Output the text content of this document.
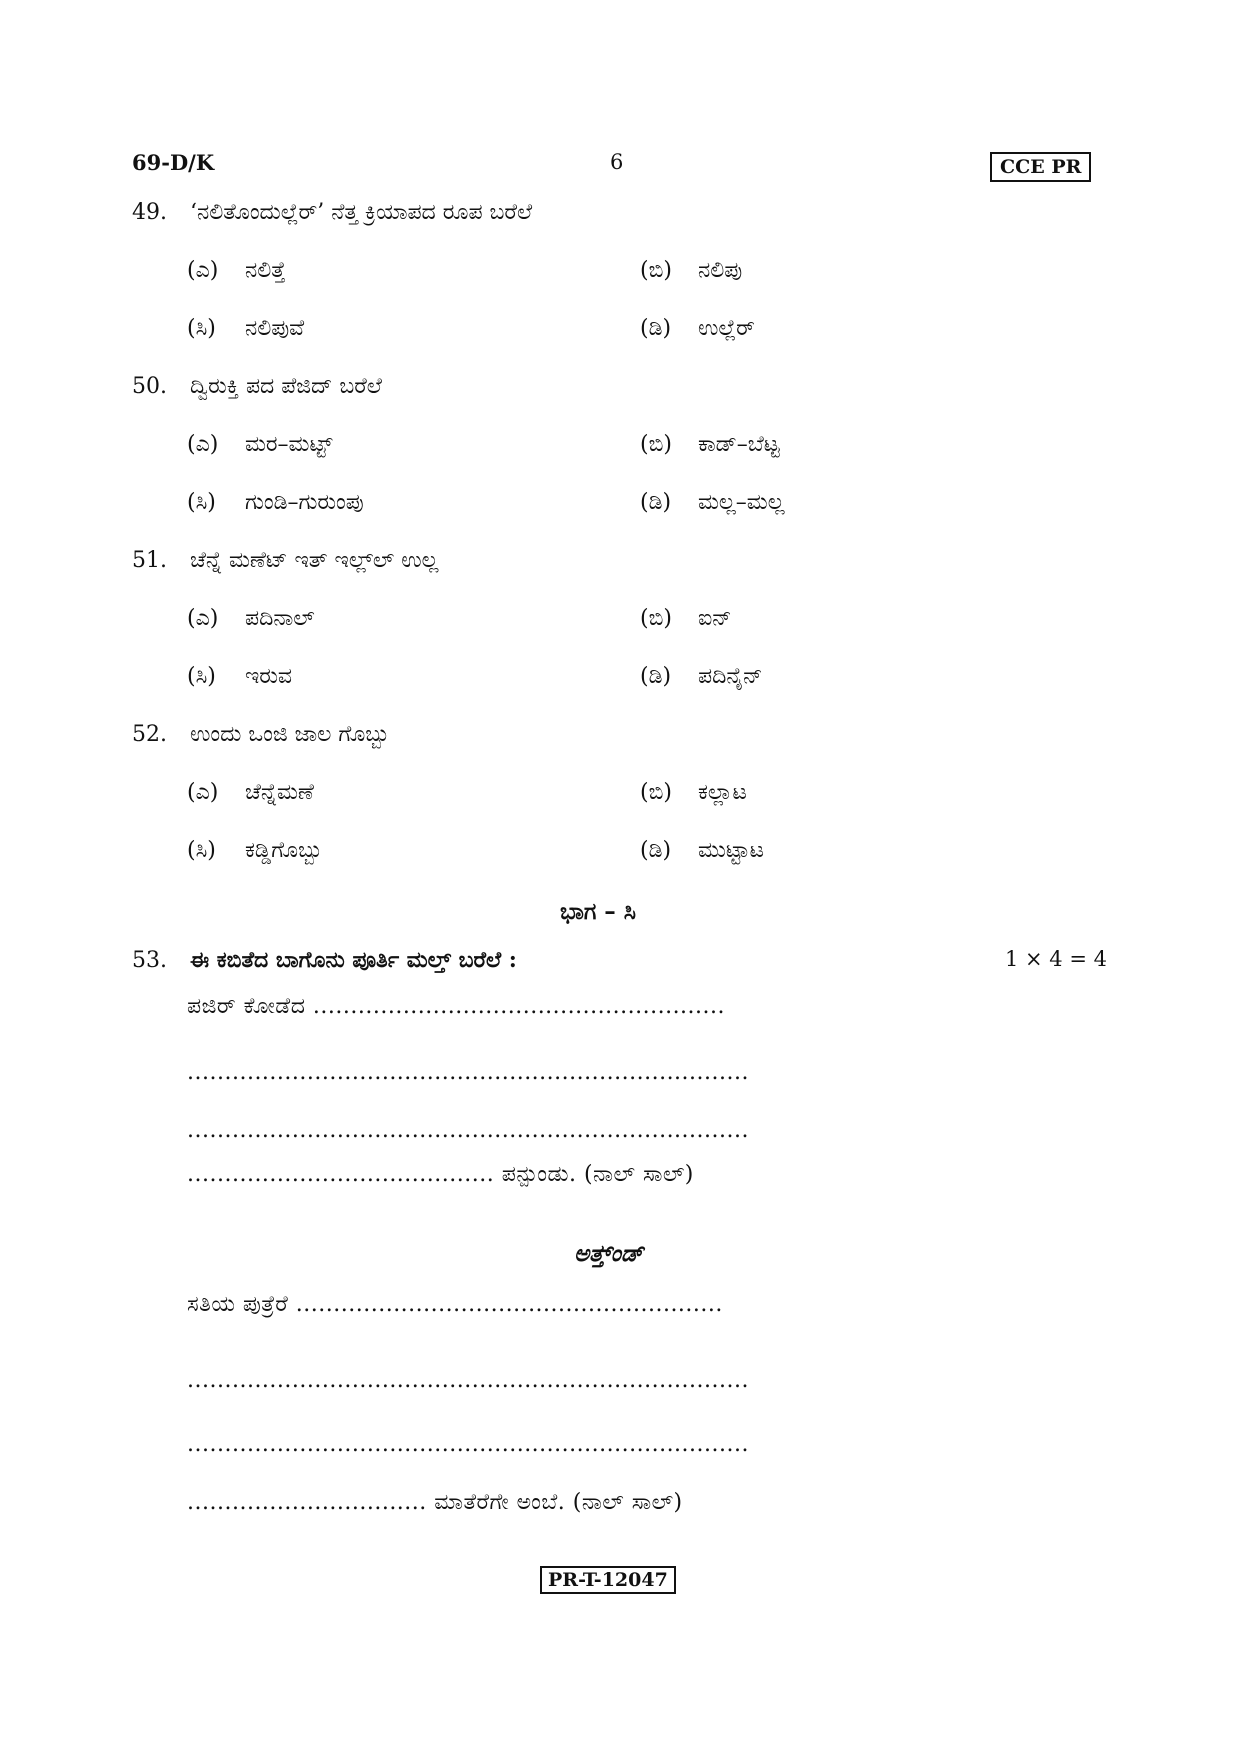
69-D/K	6	CCE PR
49. ‘ನಲಿತೊಂದುಲ್ಲೆರ್’ ನೆತ್ತ ಕ್ರಿಯಾಪದ ರೂಪ ಬರೆಲೆ
(ಎ) ನಲಿತ್ತೆ	(ಬಿ) ನಲಿಪು
(ಸಿ) ನಲಿಪುವೆ	(ಡಿ) ಉಲ್ಲೆರ್
50. ದ್ವಿರುಕ್ತಿ ಪದ ಪೆಜಿದ್ ಬರೆಲೆ
(ಎ) ಮರ–ಮಟ್ಟ್	(ಬಿ) ಕಾಡ್–ಬೆಟ್ಟ
(ಸಿ) ಗುಂಡಿ–ಗುರುಂಪು	(ಡಿ) ಮಲ್ಲ–ಮಲ್ಲ
51. ಚೆನ್ನೆ ಮಣೆಟ್ ಇತ್ ಇಲ್ಲ್‌ಲ್ ಉಲ್ಲ
(ಎ) ಪದಿನಾಲ್	(ಬಿ) ಐನ್
(ಸಿ) ಇರುವ	(ಡಿ) ಪದಿನೈನ್
52. ಉಂದು ಒಂಜಿ ಜಾಲ ಗೊಬ್ಬು
(ಎ) ಚೆನ್ನೆಮಣೆ	(ಬಿ) ಕಲ್ಲಾಟ
(ಸಿ) ಕಡ್ಡಿಗೊಬ್ಬು	(ಡಿ) ಮುಟ್ಟಾಟ
ಭಾಗ – ಸಿ
53. ಈ ಕಬಿತೆದ ಬಾಗೊನು ಪೂರ್ತಿ ಮಲ್ತ್ ಬರೆಲೆ :	1 × 4 = 4
ಪಜಿರ್ ಕೋಡೆದ .......................................................
...........................................................................
...........................................................................
......................................... ಪನ್ಪುಂಡು. (ನಾಲ್ ಸಾಲ್)
ಅತ್ತ್‌ಂಡ್
ಸತಿಯ ಪುತ್ರೆರೆ .........................................................
...........................................................................
...........................................................................
................................ ಮಾತೆರೆಗೇ ಅಂಬೆ. (ನಾಲ್ ಸಾಲ್)
PR-T-12047
